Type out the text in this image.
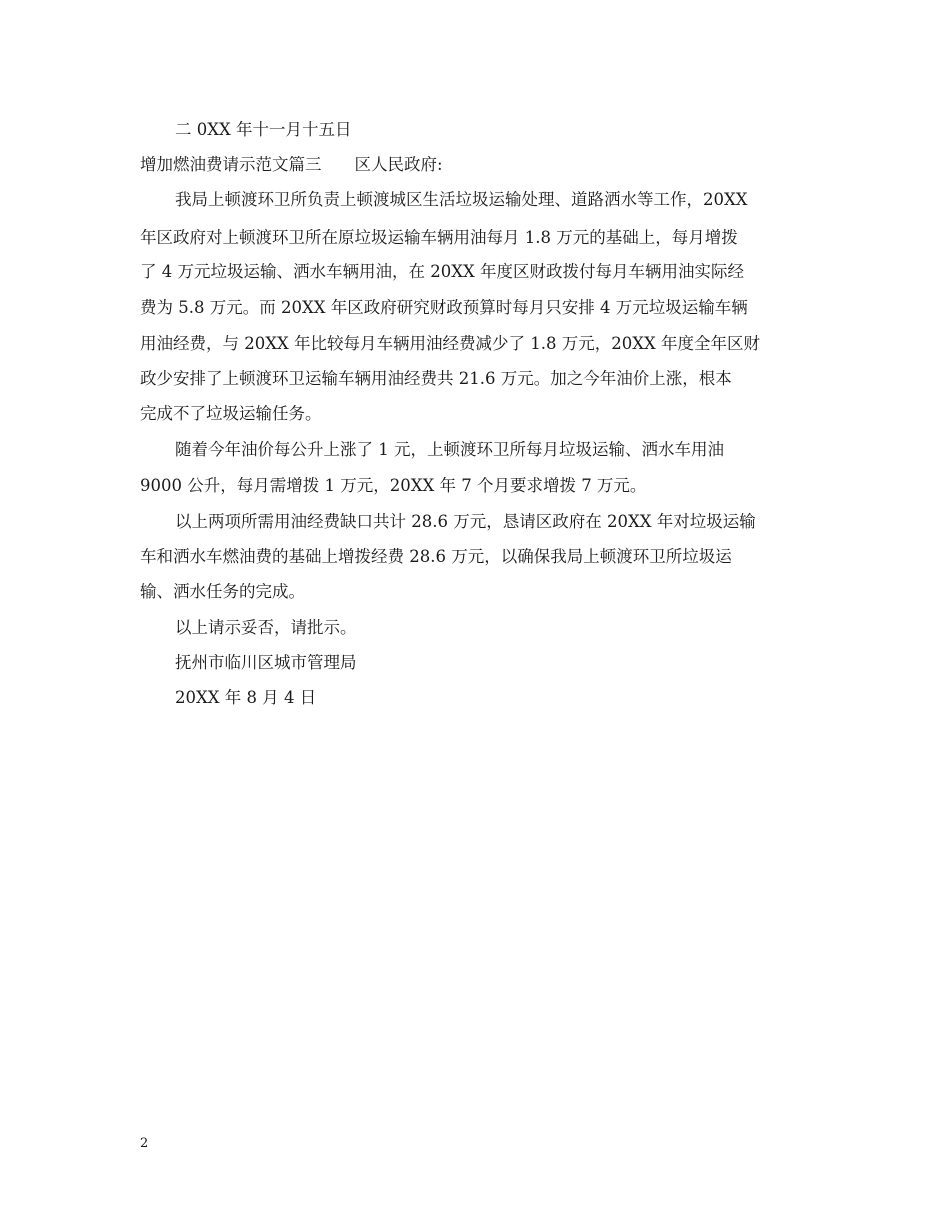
二 0XX 年十一月十五日
增加燃油费请示范文篇三　　区人民政府:
我局上顿渡环卫所负责上顿渡城区生活垃圾运输处理、道路洒水等工作，20XX
年区政府对上顿渡环卫所在原垃圾运输车辆用油每月 1.8 万元的基础上，每月增拨
了 4 万元垃圾运输、洒水车辆用油，在 20XX 年度区财政拨付每月车辆用油实际经
费为 5.8 万元。而 20XX 年区政府研究财政预算时每月只安排 4 万元垃圾运输车辆
用油经费，与 20XX 年比较每月车辆用油经费减少了 1.8 万元，20XX 年度全年区财
政少安排了上顿渡环卫运输车辆用油经费共 21.6 万元。加之今年油价上涨，根本
完成不了垃圾运输任务。
随着今年油价每公升上涨了 1 元，上顿渡环卫所每月垃圾运输、洒水车用油
9000 公升，每月需增拨 1 万元，20XX 年 7 个月要求增拨 7 万元。
以上两项所需用油经费缺口共计 28.6 万元，恳请区政府在 20XX 年对垃圾运输
车和洒水车燃油费的基础上增拨经费 28.6 万元，以确保我局上顿渡环卫所垃圾运
输、洒水任务的完成。
以上请示妥否，请批示。
抚州市临川区城市管理局
20XX 年 8 月 4 日
2
